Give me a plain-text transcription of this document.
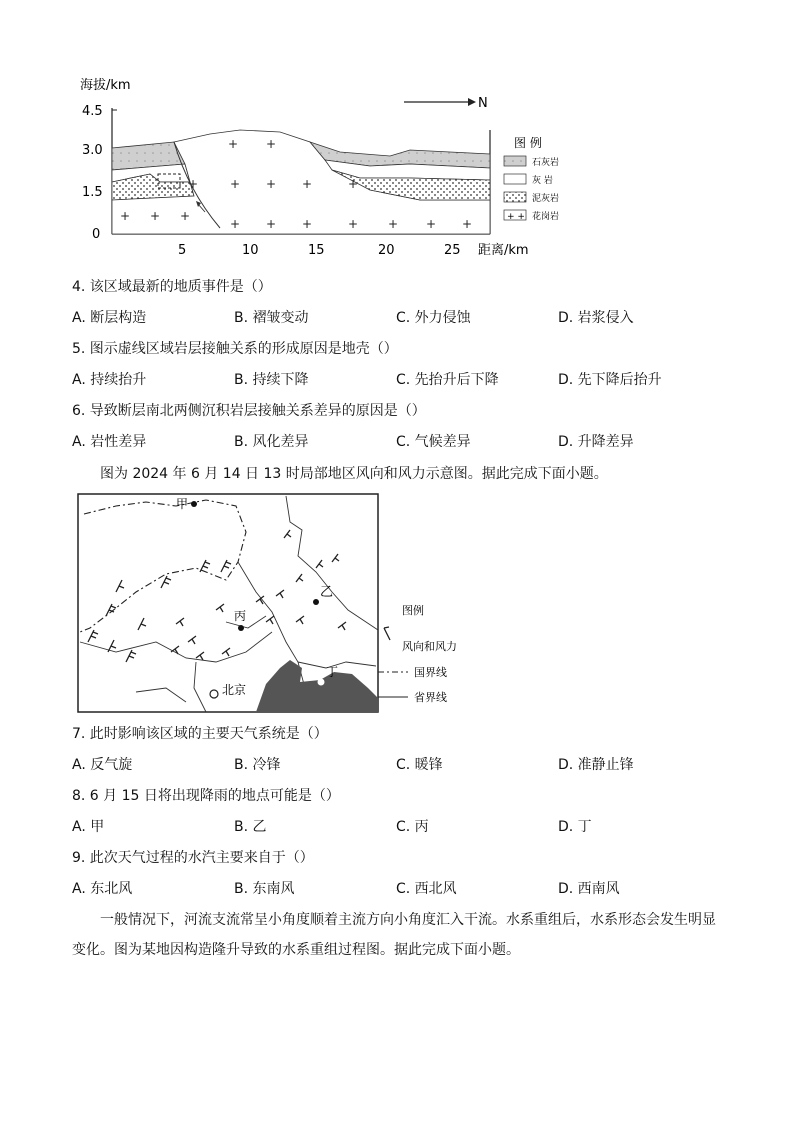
海拔/km
4.5
3.0
1.5
0
5	10	15	20	25 距离/km
N
+ +
+	+ + +	+
+ + +
+ + +	+ + + +
图 例
石灰岩
灰 岩
泥灰岩
+ + 花岗岩
4. 该区域最新的地质事件是（）
A. 断层构造	B. 褶皱变动	C. 外力侵蚀	D. 岩浆侵入
5. 图示虚线区域岩层接触关系的形成原因是地壳（）
A. 持续抬升	B. 持续下降	C. 先抬升后下降	D. 先下降后抬升
6. 导致断层南北两侧沉积岩层接触关系差异的原因是（）
A. 岩性差异	B. 风化差异	C. 气候差异	D. 升降差异
图为 2024 年 6 月 14 日 13 时局部地区风向和风力示意图。据此完成下面小题。
甲
乙
丙
丁
北京
图例
风向和风力
国界线
省界线
7. 此时影响该区域的主要天气系统是（）
A. 反气旋	B. 冷锋	C. 暖锋	D. 准静止锋
8. 6 月 15 日将出现降雨的地点可能是（）
A. 甲	B. 乙	C. 丙	D. 丁
9. 此次天气过程的水汽主要来自于（）
A. 东北风	B. 东南风	C. 西北风	D. 西南风
一般情况下，河流支流常呈小角度顺着主流方向小角度汇入干流。水系重组后，水系形态会发生明显变化。图为某地因构造隆升导致的水系重组过程图。据此完成下面小题。
